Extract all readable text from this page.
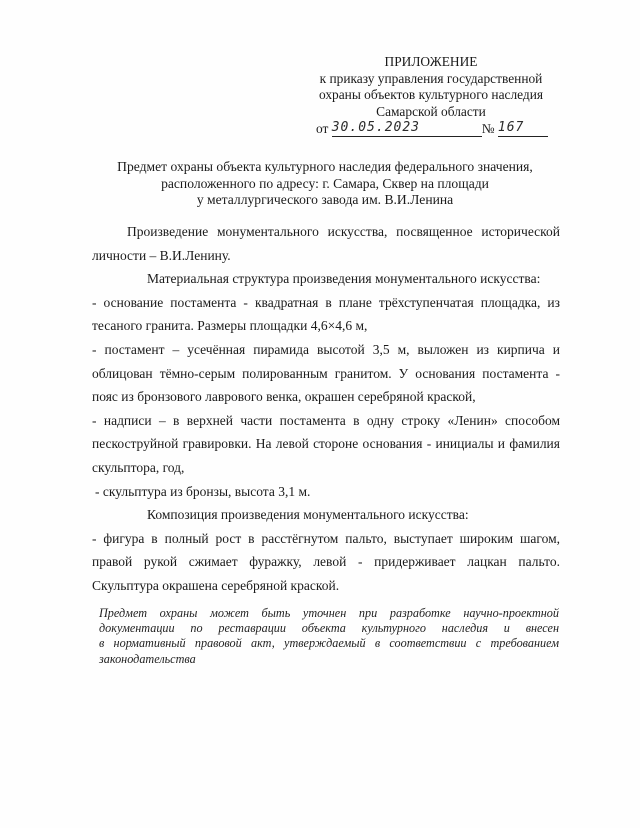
ПРИЛОЖЕНИЕ
к приказу управления государственной
охраны объектов культурного наследия
Самарской области
от 30.05.2023	№ 167
Предмет охраны объекта культурного наследия федерального значения,
расположенного по адресу: г. Самара, Сквер на площади
у металлургического завода им. В.И.Ленина

Произведение монументального искусства, посвященное исторической личности – В.И.Ленину.

Материальная структура произведения монументального искусства:

- основание постамента - квадратная в плане трёхступенчатая площадка, из тесаного гранита. Размеры площадки 4,6×4,6 м,

- постамент – усечённая пирамида высотой 3,5 м, выложен из кирпича и облицован тёмно-серым полированным гранитом. У основания постамента - пояс из бронзового лаврового венка, окрашен серебряной краской,

- надписи – в верхней части постамента в одну строку «Ленин» способом пескоструйной гравировки. На левой стороне основания - инициалы и фамилия скульптора, год,

- скульптура из бронзы, высота 3,1 м.

Композиция произведения монументального искусства:

- фигура в полный рост в расстёгнутом пальто, выступает широким шагом, правой рукой сжимает фуражку, левой - придерживает лацкан пальто. Скульптура окрашена серебряной краской.

Предмет охраны может быть уточнен при разработке научно-проектной
документации по реставрации объекта культурного наследия и внесен
в нормативный правовой акт, утверждаемый в соответствии с требованием
законодательства
